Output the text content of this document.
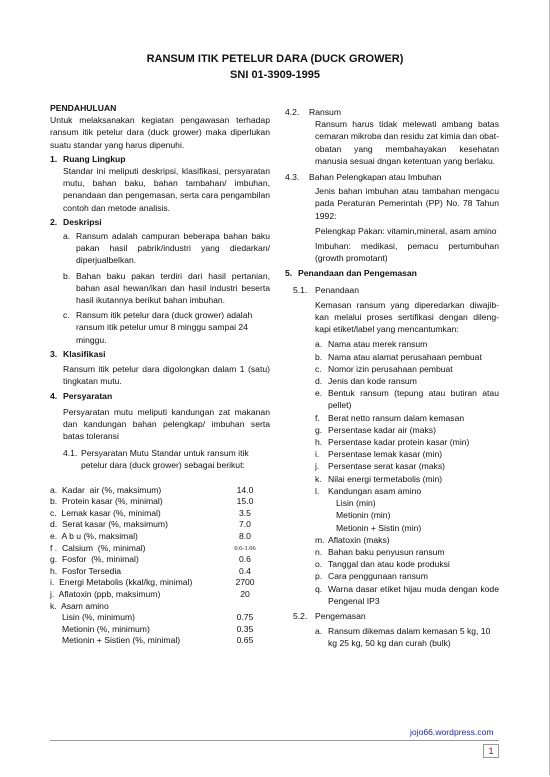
RANSUM ITIK PETELUR DARA (DUCK GROWER)
SNI 01-3909-1995

PENDAHULUAN

Untuk melaksanakan kegiatan pengawasan terhadap ransum itik petelur dara (duck grower) maka diperlukan suatu standar yang harus dipenuhi.

1. Ruang Lingkup

Standar ini meliputi deskripsi, klasifikasi, persyaratan mutu, bahan baku, bahan tambahan/ imbuhan, penandaan dan pengemasan, serta cara pengambilan contoh dan metode analisis.

2. Deskripsi
a. Ransum adalah campuran beberapa bahan baku pakan hasil pabrik/industri yang diedarkan/ diperjualbelkan.
b. Bahan baku pakan terdiri dari hasil pertanian, bahan asal hewan/ikan dan hasil industri beserta hasil ikutannya berikut bahan imbuhan.
c. Ransum itik petelur dara (duck grower) adalah ransum itik petelur umur 8 minggu sampai 24 minggu.
3. Klasifikasi

Ransum itik petelur dara digolongkan dalam 1 (satu) tingkatan mutu.

4. Persyaratan

Persyaratan mutu meliputi kandungan zat makanan dan kandungan bahan pelengkap/ imbuhan serta batas toleransi

4.1. Persyaratan Mutu Standar untuk ransum itik petelur dara (duck grower) sebagai berikut:
a.  Kadar  air (%, maksimum)	14.0
b.  Protein kasar (%, minimal)	15.0
c.  Lemak kasar (%, minimal)	3.5
d.  Serat kasar (%, maksimum)	7.0
e.  A b u (%, maksimal)	8.0
f .  Calsium  (%, minimal)	0.6-1.06
g.  Fosfor  (%, minimal)	0.6
h.  Fosfor Tersedia	0.4
i.  Energi Metabolis (kkal/kg, minimal)	2700
j.  Aflatoxin (ppb, maksimum)	20
k.  Asam amino	
Lisin (%, minimum)	0.75
Metionin (%, minimum)	0.35
Metionin + Sistien (%, minimal)	0.65
4.2.	Ransum

Ransum harus tidak melewati ambang batas cemaran mikroba dan residu zat kimia dan obat-obatan yang membahayakan kesehatan manusia sesuai dngan ketentuan yang berlaku.

4.3.	Bahan Pelengkapan atau Imbuhan

Jenis bahan imbuhan atau tambahan mengacu pada Peraturan Pemerintah (PP) No. 78 Tahun 1992:

Pelengkap Pakan: vitamin,mineral, asam amino

Imbuhan: medikasi, pemacu pertumbuhan (growth promotant)

5. Penandaan dan Pengemasan
5.1. Penandaan

Kemasan ransum yang diperedarkan diwajib-kan melalui proses sertifikasi dengan dileng-kapi etiket/label yang mencantumkan:

a. Nama atau merek ransum
b. Nama atau alamat perusahaan pembuat
c. Nomor izin perusahaan pembuat
d. Jenis dan kode ransum
e. Bentuk ransum (tepung atau butiran atau pellet)
f. Berat netto ransum dalam kemasan
g. Persentase kadar air (maks)
h. Persentase kadar protein kasar (min)
i.	Persentase lemak kasar (min)
j.	Persentase serat kasar (maks)
k. Nilai energi termetabolis (min)
l.	Kandungan asam amino

Lisin (min)

Metionin (min)

Metionin + Sistin (min)

m. Aflatoxin (maks)
n. Bahan baku penyusun ransum
o. Tanggal dan atau kode produksi
p. Cara penggunaan ransum
q. Warna dasar etiket hijau muda dengan kode Pengenal IP3
5.2. Pengemasan
a. Ransum dikemas dalam kemasan 5 kg, 10 kg 25 kg, 50 kg dan curah (bulk)
jojo66.wordpress.com
1
